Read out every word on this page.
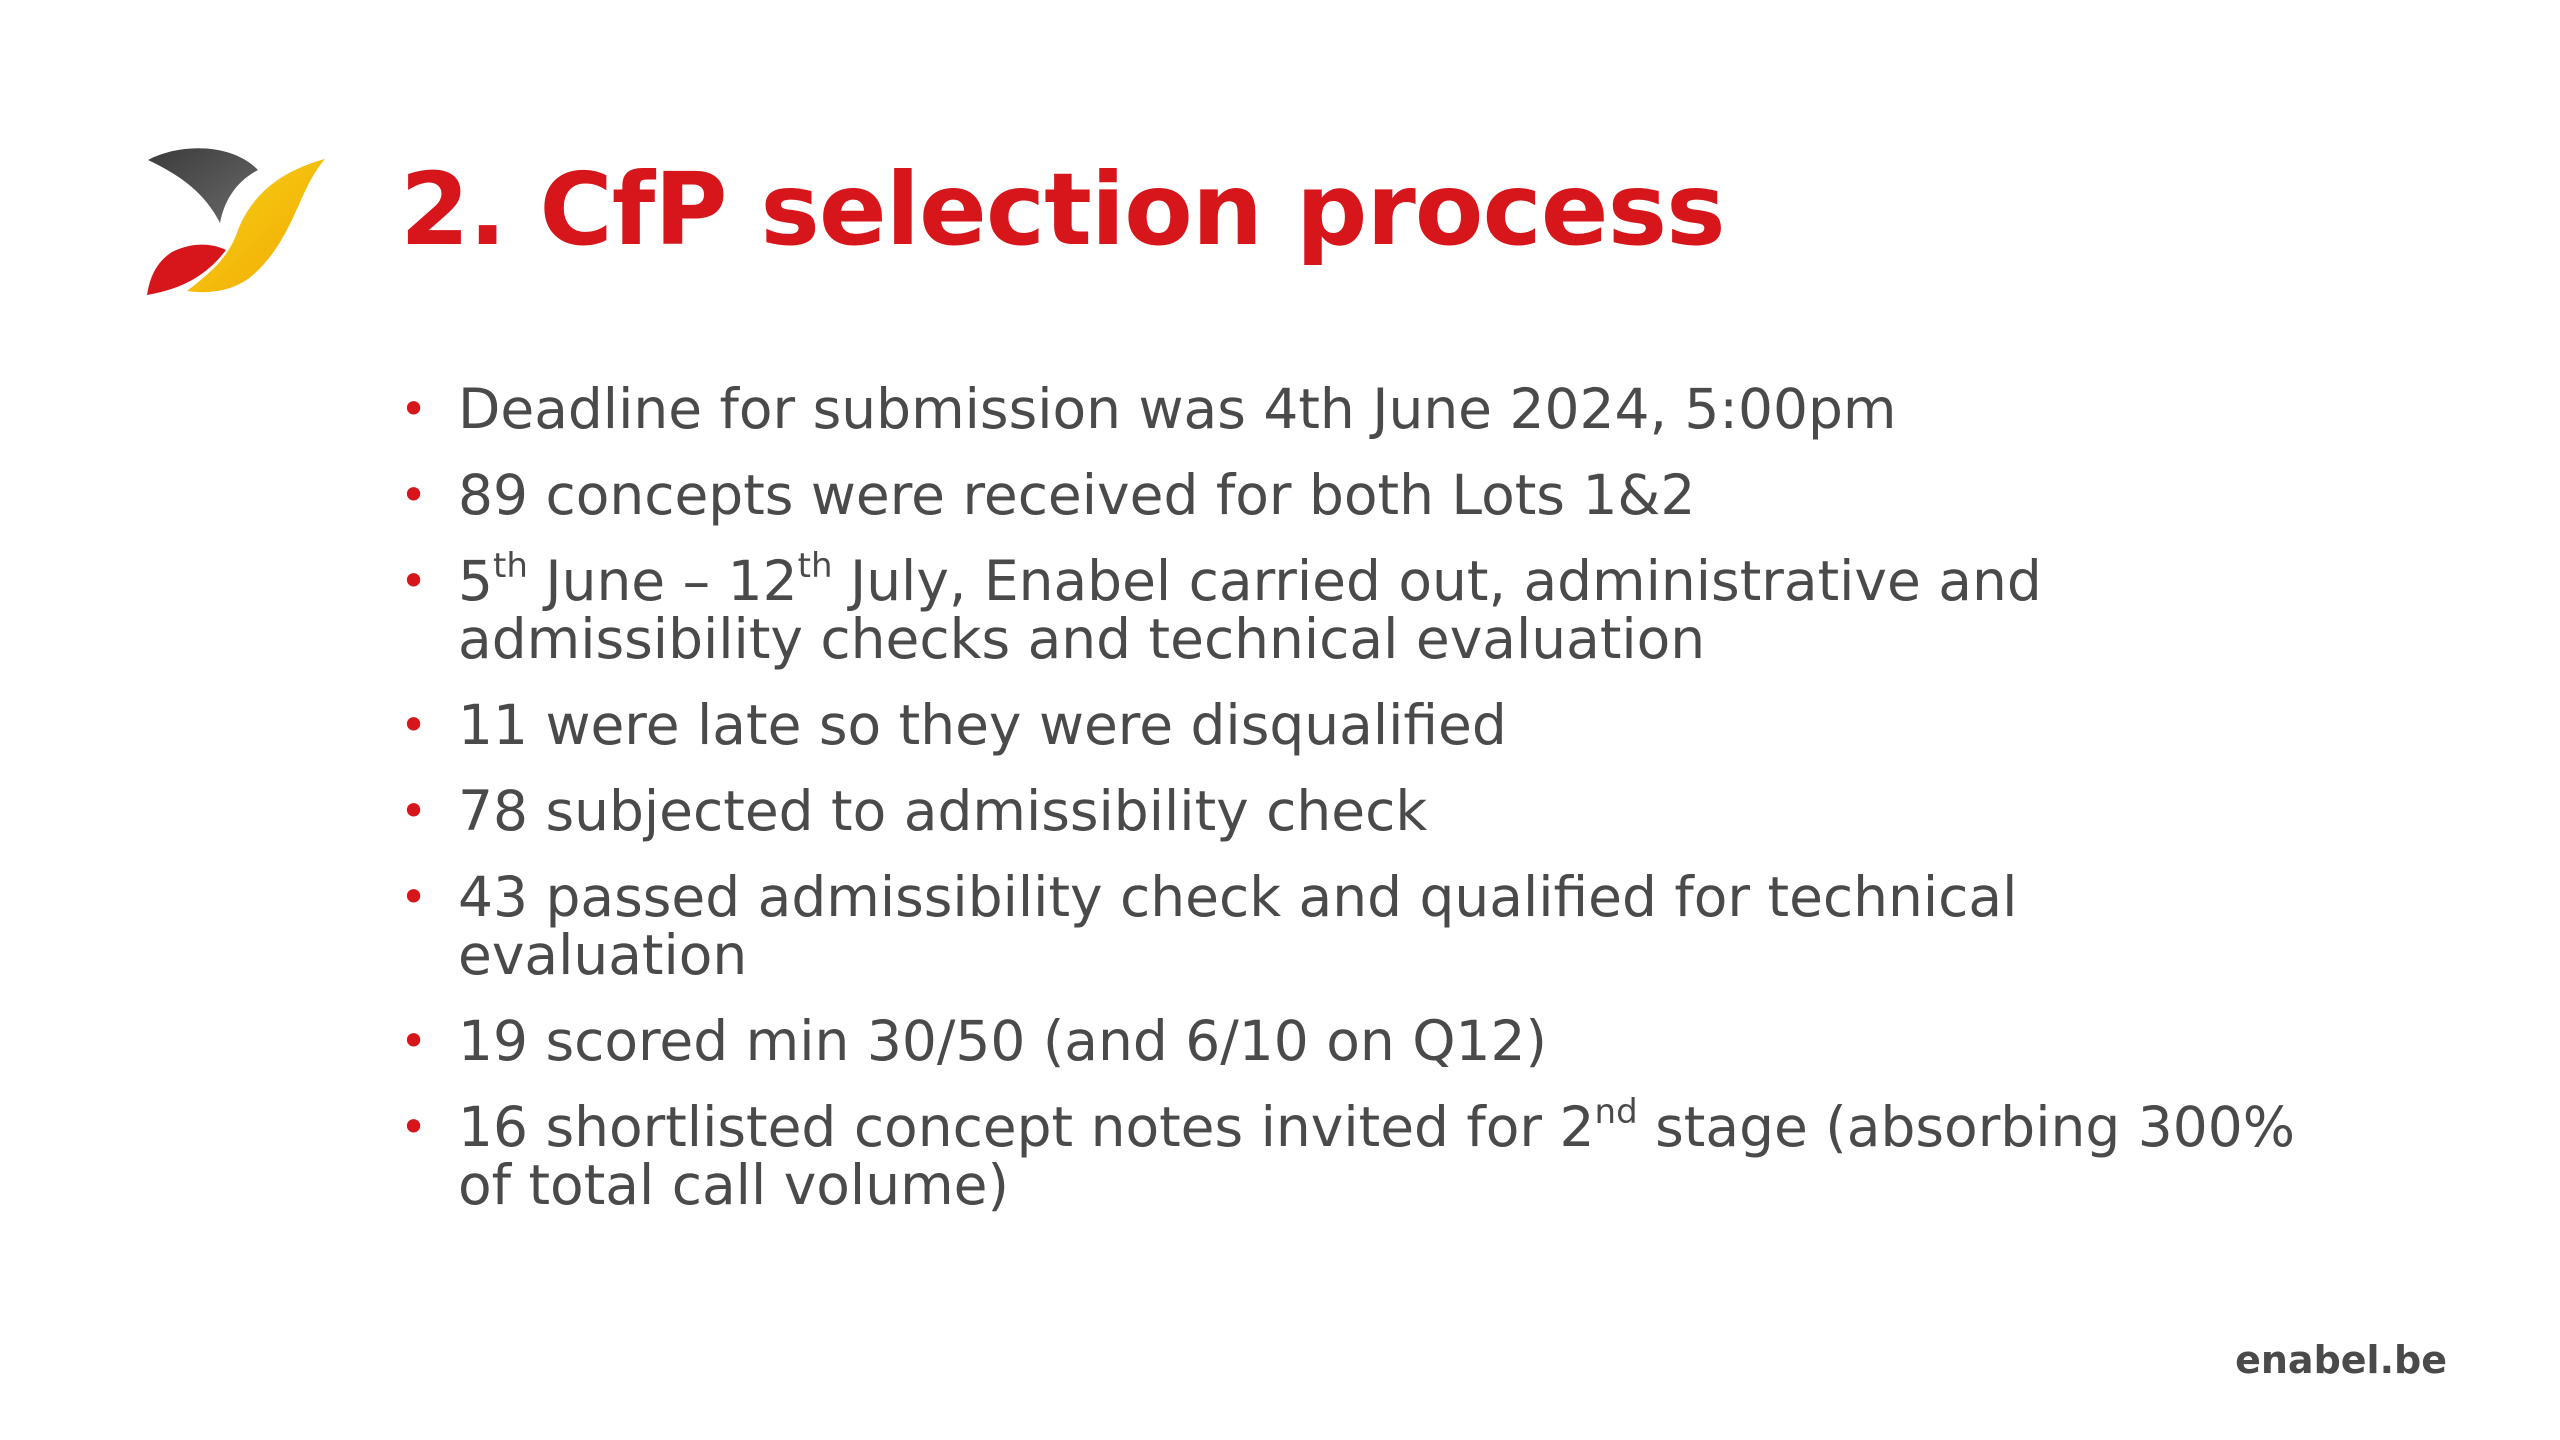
2. CfP selection process
• Deadline for submission was 4th June 2024, 5:00pm
• 89 concepts were received for both Lots 1&2
• 5th June – 12th July, Enabel carried out, administrative and admissibility checks and technical evaluation
• 11 were late so they were disqualified
• 78 subjected to admissibility check
• 43 passed admissibility check and qualified for technical evaluation
• 19 scored min 30/50 (and 6/10 on Q12)
• 16 shortlisted concept notes invited for 2nd stage (absorbing 300% of total call volume)
enabel.be
